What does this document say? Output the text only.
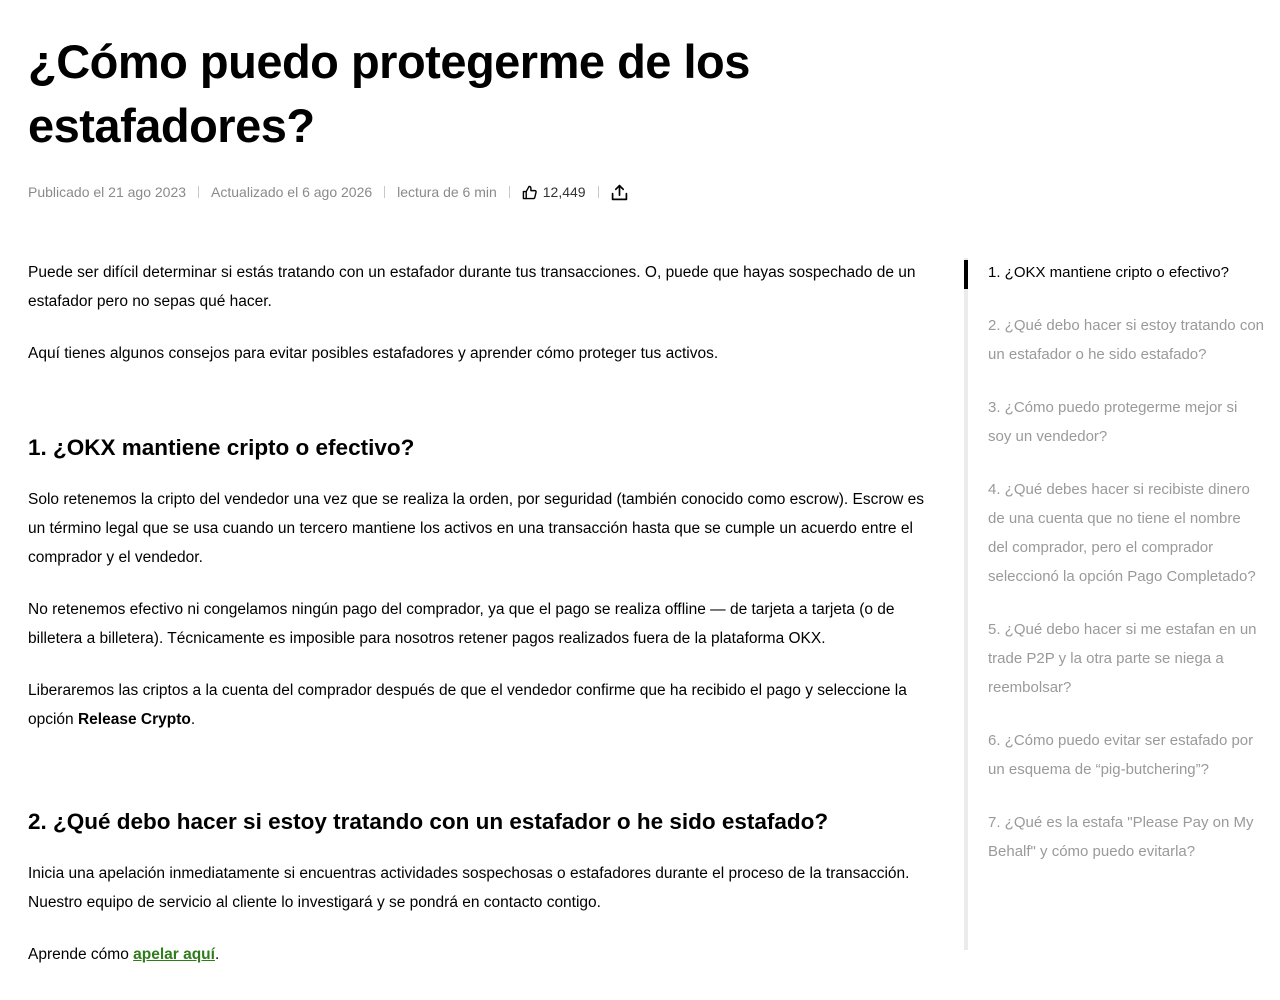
¿Cómo puedo protegerme de los estafadores?
Publicado el 21 ago 2023 Actualizado el 6 ago 2026 lectura de 6 min	12,449

Puede ser difícil determinar si estás tratando con un estafador durante tus transacciones. O, puede que hayas sospechado de un estafador pero no sepas qué hacer.

Aquí tienes algunos consejos para evitar posibles estafadores y aprender cómo proteger tus activos.

1. ¿OKX mantiene cripto o efectivo?

Solo retenemos la cripto del vendedor una vez que se realiza la orden, por seguridad (también conocido como escrow). Escrow es un término legal que se usa cuando un tercero mantiene los activos en una transacción hasta que se cumple un acuerdo entre el comprador y el vendedor.

No retenemos efectivo ni congelamos ningún pago del comprador, ya que el pago se realiza offline — de tarjeta a tarjeta (o de billetera a billetera). Técnicamente es imposible para nosotros retener pagos realizados fuera de la plataforma OKX.

Liberaremos las criptos a la cuenta del comprador después de que el vendedor confirme que ha recibido el pago y seleccione la opción Release Crypto.

2. ¿Qué debo hacer si estoy tratando con un estafador o he sido estafado?

Inicia una apelación inmediatamente si encuentras actividades sospechosas o estafadores durante el proceso de la transacción. Nuestro equipo de servicio al cliente lo investigará y se pondrá en contacto contigo.

Aprende cómo apelar aquí.

1. ¿OKX mantiene cripto o efectivo?
2. ¿Qué debo hacer si estoy tratando con un estafador o he sido estafado?
3. ¿Cómo puedo protegerme mejor si soy un vendedor?
4. ¿Qué debes hacer si recibiste dinero de una cuenta que no tiene el nombre del comprador, pero el comprador seleccionó la opción Pago Completado?
5. ¿Qué debo hacer si me estafan en un trade P2P y la otra parte se niega a reembolsar?
6. ¿Cómo puedo evitar ser estafado por un esquema de “pig-butchering”?
7. ¿Qué es la estafa "Please Pay on My Behalf" y cómo puedo evitarla?
